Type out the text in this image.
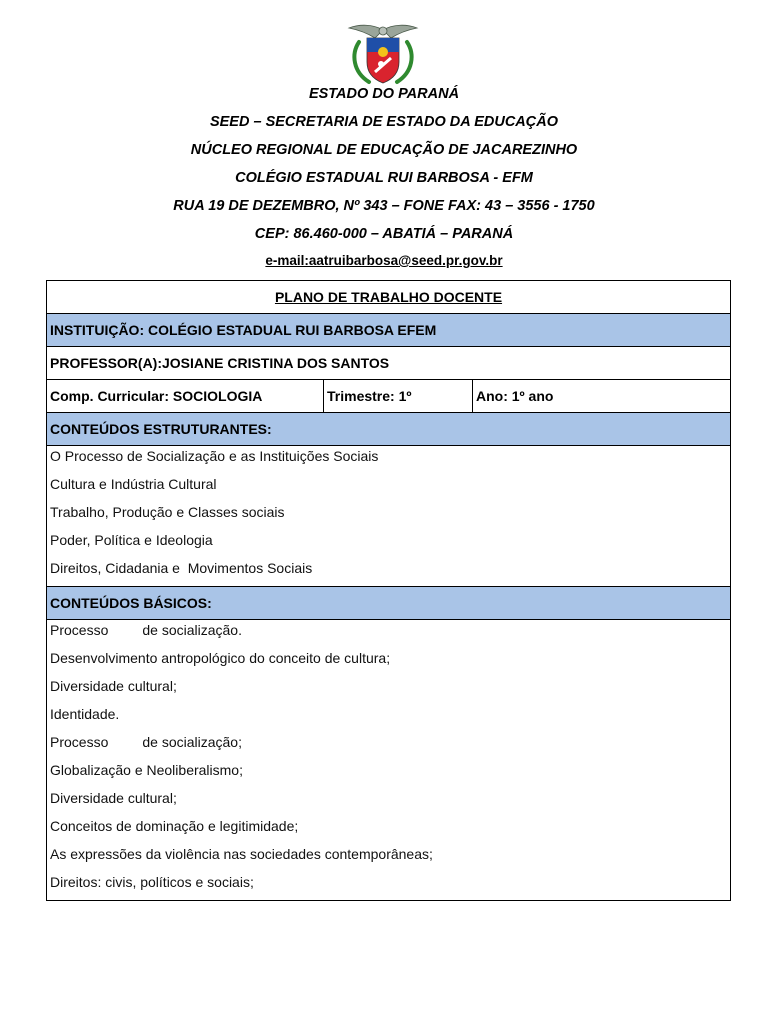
ESTADO DO PARANÁ
SEED – SECRETARIA DE ESTADO DA EDUCAÇÃO
NÚCLEO REGIONAL DE EDUCAÇÃO DE JACAREZINHO
COLÉGIO ESTADUAL RUI BARBOSA - EFM
RUA 19 DE DEZEMBRO, Nº 343 – FONE FAX: 43 – 3556 - 1750
CEP: 86.460-000 – ABATIÁ – PARANÁ
e-mail:aatruibarbosa@seed.pr.gov.br
PLANO DE TRABALHO DOCENTE
INSTITUIÇÃO: COLÉGIO ESTADUAL RUI BARBOSA EFEM
PROFESSOR(A):JOSIANE CRISTINA DOS SANTOS
Comp. Curricular: SOCIOLOGIA	Trimestre: 1º	Ano: 1º ano
CONTEÚDOS ESTRUTURANTES:

O Processo de Socialização e as Instituições Sociais
Cultura e Indústria Cultural
Trabalho, Produção e Classes sociais
Poder, Política e Ideologia
Direitos, Cidadania e  Movimentos Sociais

CONTEÚDOS BÁSICOS:

Processo de socialização.
Desenvolvimento antropológico do conceito de cultura;
Diversidade cultural;
Identidade.
Processo de socialização;
Globalização e Neoliberalismo;
Diversidade cultural;
Conceitos de dominação e legitimidade;
As expressões da violência nas sociedades contemporâneas;
Direitos: civis, políticos e sociais;
